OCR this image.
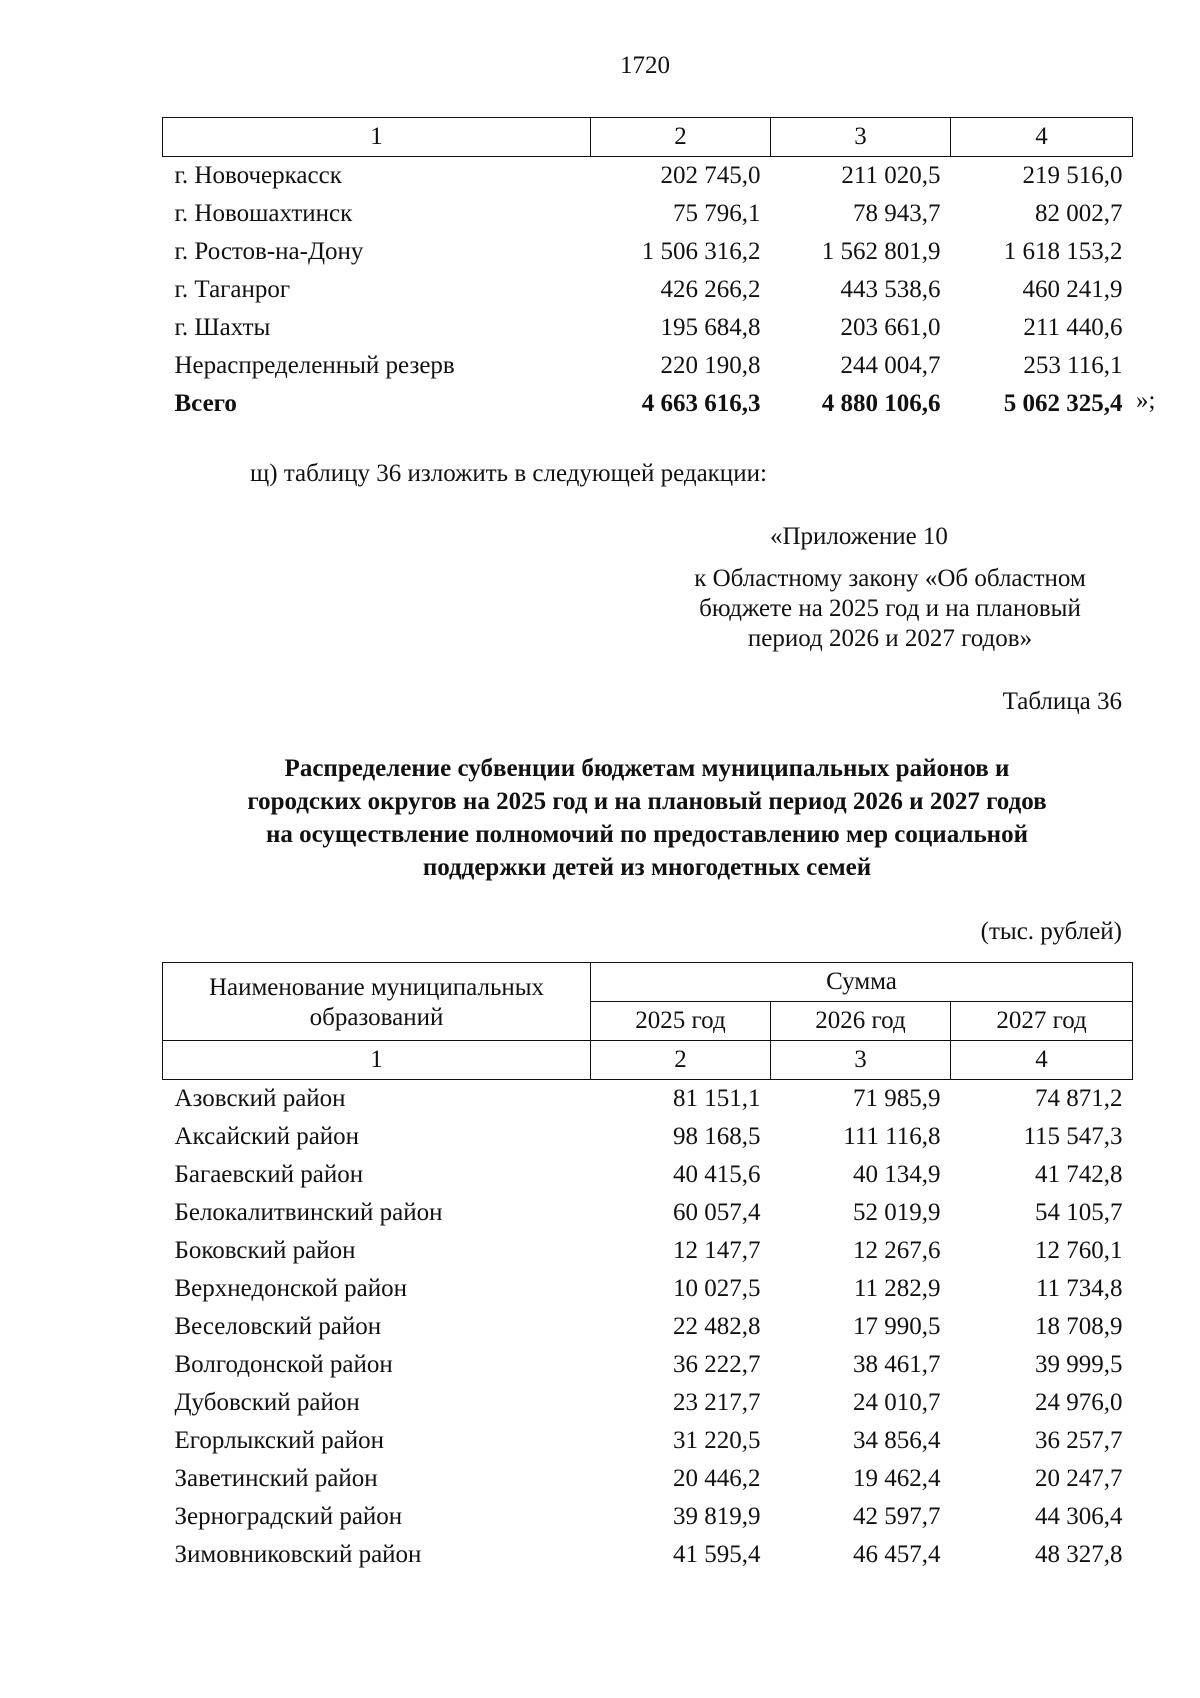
1720
1	2	3	4
г. Новочеркасск	202 745,0	211 020,5	219 516,0
г. Новошахтинск	75 796,1	78 943,7	82 002,7
г. Ростов-на-Дону	1 506 316,2	1 562 801,9	1 618 153,2
г. Таганрог	426 266,2	443 538,6	460 241,9
г. Шахты	195 684,8	203 661,0	211 440,6
Нераспределенный резерв	220 190,8	244 004,7	253 116,1
Всего	4 663 616,3	4 880 106,6	5 062 325,4 »;
щ) таблицу 36 изложить в следующей редакции:
«Приложение 10
к Областному закону «Об областном
бюджете на 2025 год и на плановый
период 2026 и 2027 годов»
Таблица 36
Распределение субвенции бюджетам муниципальных районов и
городских округов на 2025 год и на плановый период 2026 и 2027 годов
на осуществление полномочий по предоставлению мер социальной
поддержки детей из многодетных семей
(тыс. рублей)
Наименование муниципальных
образований	Сумма		
	2025 год	2026 год	2027 год
1	2	3	4
Азовский район	81 151,1	71 985,9	74 871,2
Аксайский район	98 168,5	111 116,8	115 547,3
Багаевский район	40 415,6	40 134,9	41 742,8
Белокалитвинский район	60 057,4	52 019,9	54 105,7
Боковский район	12 147,7	12 267,6	12 760,1
Верхнедонской район	10 027,5	11 282,9	11 734,8
Веселовский район	22 482,8	17 990,5	18 708,9
Волгодонской район	36 222,7	38 461,7	39 999,5
Дубовский район	23 217,7	24 010,7	24 976,0
Егорлыкский район	31 220,5	34 856,4	36 257,7
Заветинский район	20 446,2	19 462,4	20 247,7
Зерноградский район	39 819,9	42 597,7	44 306,4
Зимовниковский район	41 595,4	46 457,4	48 327,8
